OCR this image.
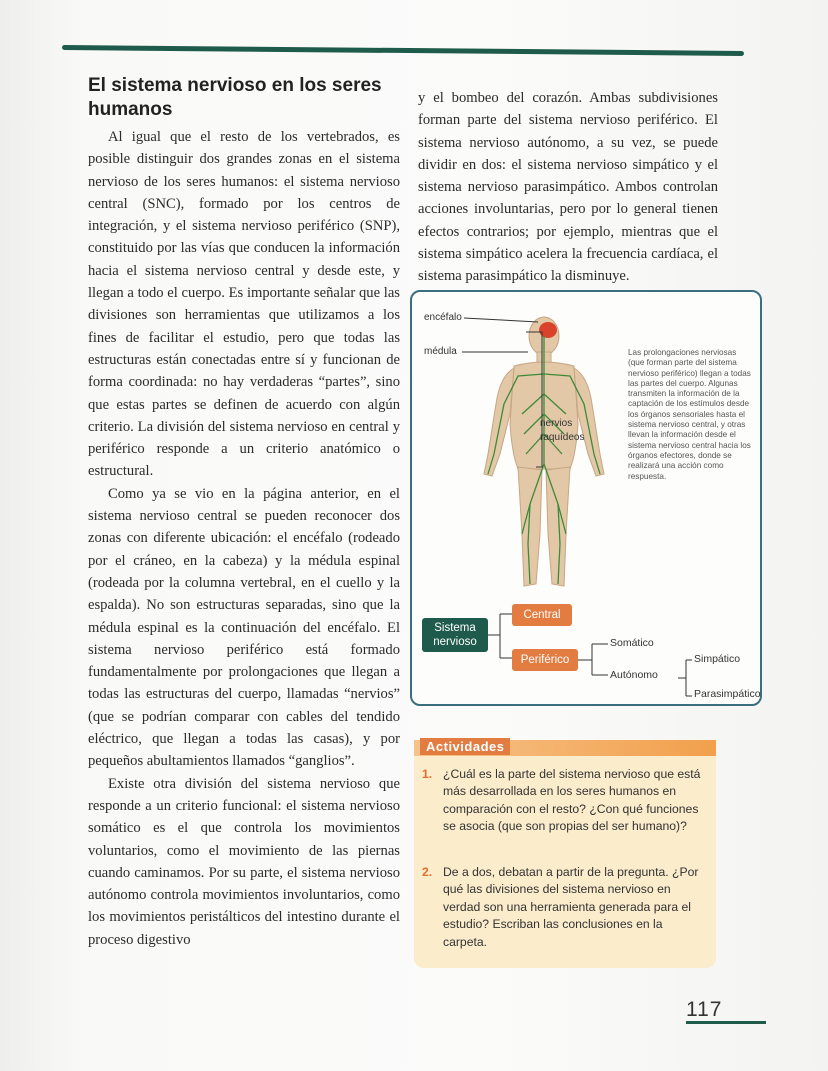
El sistema nervioso en los seres humanos

Al igual que el resto de los vertebrados, es posible distinguir dos grandes zonas en el sistema nervioso de los seres humanos: el sistema nervioso central (SNC), formado por los centros de integración, y el sistema nervioso periférico (SNP), constituido por las vías que conducen la información hacia el sistema nervioso central y desde este, y llegan a todo el cuerpo. Es importante señalar que las divisiones son herramientas que utilizamos a los fines de facilitar el estudio, pero que todas las estructuras están conectadas entre sí y funcionan de forma coordinada: no hay verdaderas “partes”, sino que estas partes se definen de acuerdo con algún criterio. La división del sistema nervioso en central y periférico responde a un criterio anatómico o estructural.

Como ya se vio en la página anterior, en el sistema nervioso central se pueden reconocer dos zonas con diferente ubicación: el encéfalo (rodeado por el cráneo, en la cabeza) y la médula espinal (rodeada por la columna vertebral, en el cuello y la espalda). No son estructuras separadas, sino que la médula espinal es la continuación del encéfalo. El sistema nervioso periférico está formado fundamentalmente por prolongaciones que llegan a todas las estructuras del cuerpo, llamadas “nervios” (que se podrían comparar con cables del tendido eléctrico, que llegan a todas las casas), y por pequeños abultamientos llamados “ganglios”.

Existe otra división del sistema nervioso que responde a un criterio funcional: el sistema nervioso somático es el que controla los movimientos voluntarios, como el movimiento de las piernas cuando caminamos. Por su parte, el sistema nervioso autónomo controla movimientos involuntarios, como los movimientos peristálticos del intestino durante el proceso digestivo

y el bombeo del corazón. Ambas subdivisiones forman parte del sistema nervioso periférico. El sistema nervioso autónomo, a su vez, se puede dividir en dos: el sistema nervioso simpático y el sistema nervioso parasimpático. Ambos controlan acciones involuntarias, pero por lo general tienen efectos contrarios; por ejemplo, mientras que el sistema simpático acelera la frecuencia cardíaca, el sistema parasimpático la disminuye.

encéfalo
médula
nervios
raquídeos
Las prolongaciones nerviosas (que forman parte del sistema nervioso periférico) llegan a todas las partes del cuerpo. Algunas transmiten la información de la captación de los estímulos desde los órganos sensoriales hasta el sistema nervioso central, y otras llevan la información desde el sistema nervioso central hacia los órganos efectores, donde se realizará una acción como respuesta.
Sistema
nervioso
Central
Periférico
Somático
Autónomo
Simpático
Parasimpático
Actividades
1. ¿Cuál es la parte del sistema nervioso que está más desarrollada en los seres humanos en comparación con el resto? ¿Con qué funciones se asocia (que son propias del ser humano)?
2. De a dos, debatan a partir de la pregunta. ¿Por qué las divisiones del sistema nervioso en verdad son una herramienta generada para el estudio? Escriban las conclusiones en la carpeta.
117
